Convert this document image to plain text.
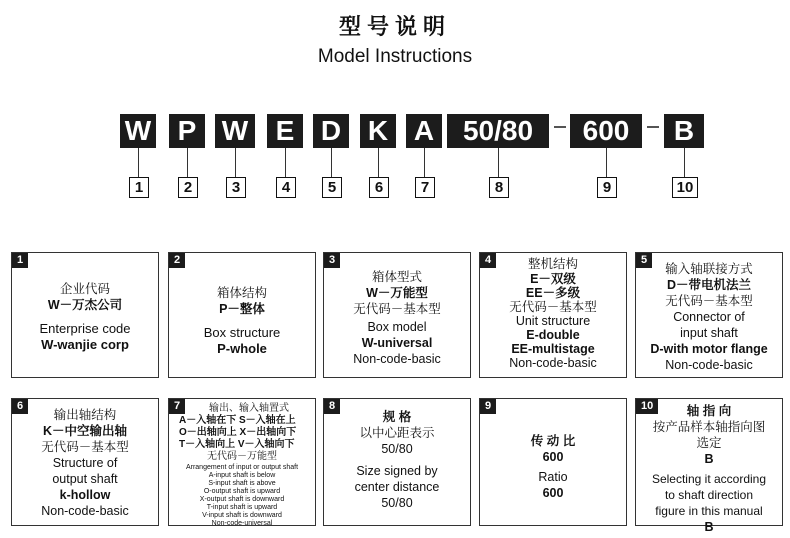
型号说明
Model Instructions
W P W E D K A	50/80	600	B
1	2	3	4	5	6	7	8	9	10
1
企业代码
W－万杰公司
Enterprise code
W-wanjie corp
2
箱体结构
P－整体
Box structure
P-whole
3
箱体型式
W－万能型
无代码－基本型
Box model
W-universal
Non-code-basic
4	整机结构
E－双级
EE－多级
无代码－基本型
Unit structure
E-double
EE-multistage
Non-code-basic
5
输入轴联接方式
D－带电机法兰
无代码－基本型
Connector of
input shaft
D-with motor flange
Non-code-basic
6
输出轴结构
K－中空输出轴
无代码－基本型
Structure of
output shaft
k-hollow
Non-code-basic
7	输出、输入轴置式
A－入轴在下 S－入轴在上
O－出轴向上 X－出轴向下
T－入轴向上 V－入轴向下
无代码－万能型
Arrangement of input or output shaft
A-input shaft is below
S-input shaft is above
O-output shaft is upward
X-output shaft is downward
T-input shaft is upward
V-input shaft is downward
Non-code-universal
8
规 格
以中心距表示
50/80
Size signed by
center distance
50/80
9
传 动 比
600
Ratio
600
10	轴 指 向
按产品样本轴指向图
选定
B
Selecting it according
to shaft direction
figure in this manual
B
